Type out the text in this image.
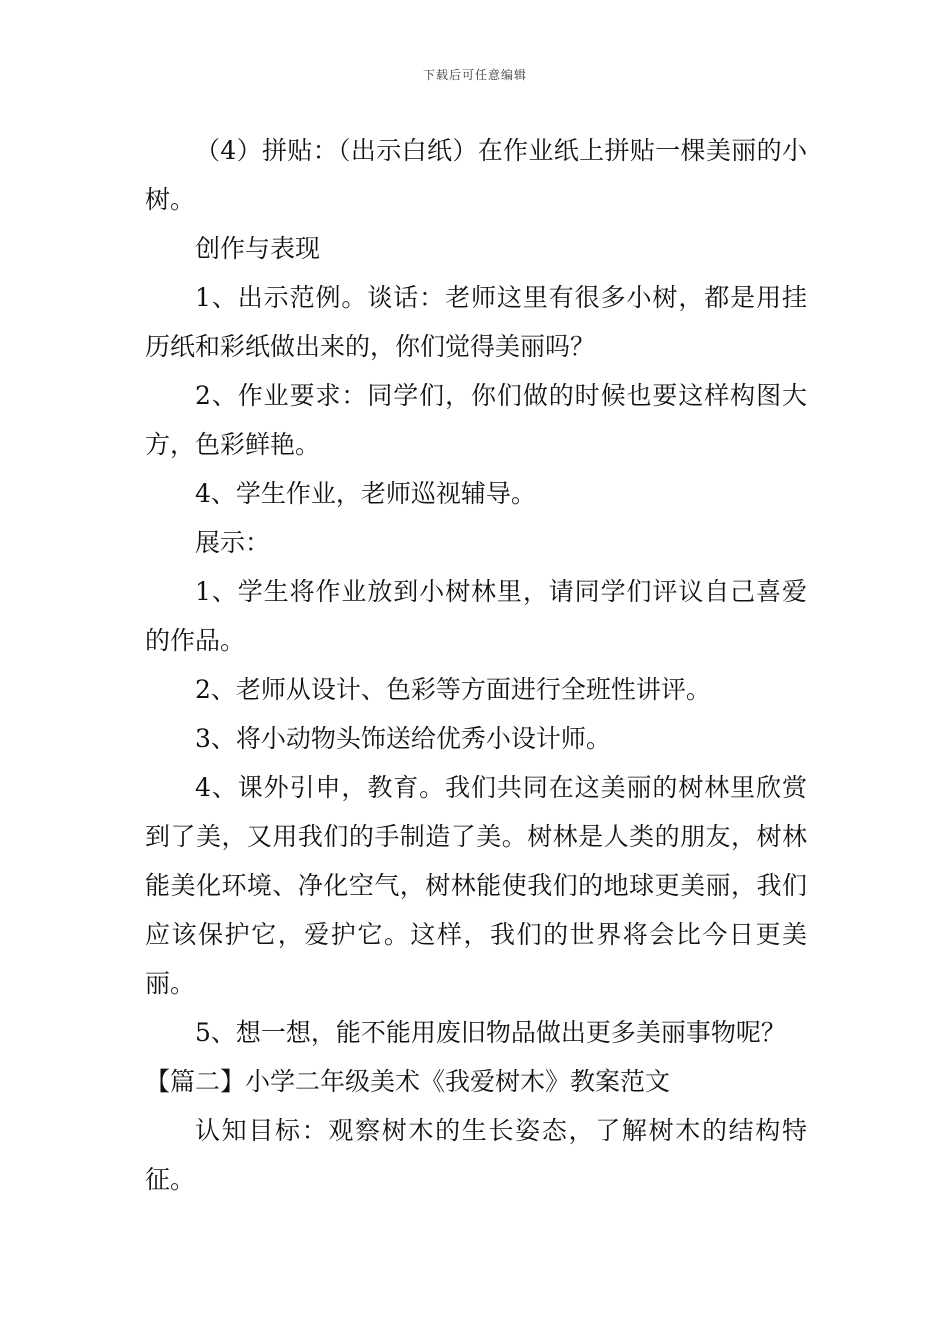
下载后可任意编辑

（4）拼贴：（出示白纸）在作业纸上拼贴一棵美丽的小树。

创作与表现

1、出示范例。谈话：老师这里有很多小树，都是用挂历纸和彩纸做出来的，你们觉得美丽吗？

2、作业要求：同学们，你们做的时候也要这样构图大方，色彩鲜艳。

4、学生作业，老师巡视辅导。

展示：

1、学生将作业放到小树林里，请同学们评议自己喜爱的作品。

2、老师从设计、色彩等方面进行全班性讲评。

3、将小动物头饰送给优秀小设计师。

4、课外引申，教育。我们共同在这美丽的树林里欣赏到了美，又用我们的手制造了美。树林是人类的朋友，树林能美化环境、净化空气，树林能使我们的地球更美丽，我们应该保护它，爱护它。这样，我们的世界将会比今日更美丽。

5、想一想，能不能用废旧物品做出更多美丽事物呢？

【篇二】小学二年级美术《我爱树木》教案范文

认知目标：观察树木的生长姿态，了解树木的结构特征。
